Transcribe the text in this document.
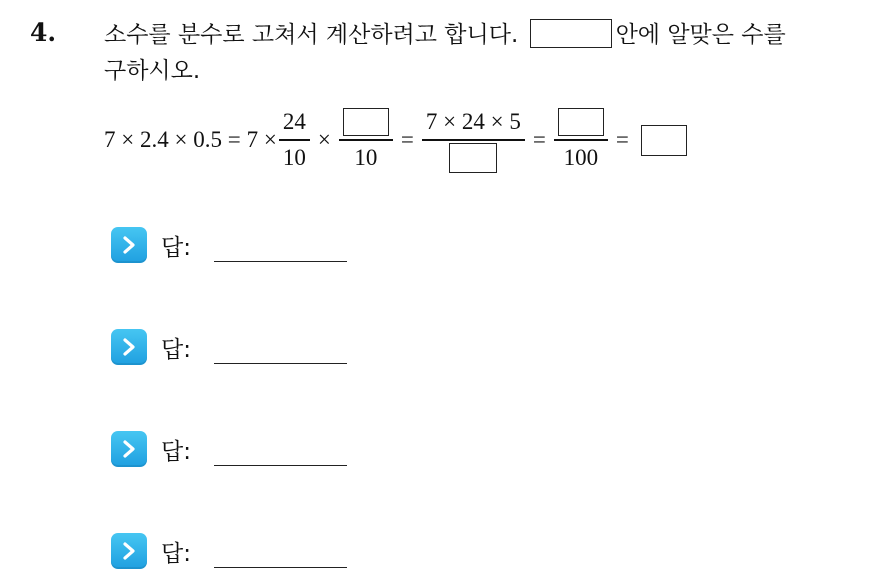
4. 소수를 분수로 고쳐서 계산하려고 합니다.	안에 알맞은 수를
구하시오.
$7 \times 2.4 \times 0.5 = 7 \times \frac{24}{10}$ ×
10
=
7 × 24 × 5
=
100
=
답:
답:
답:
답:
